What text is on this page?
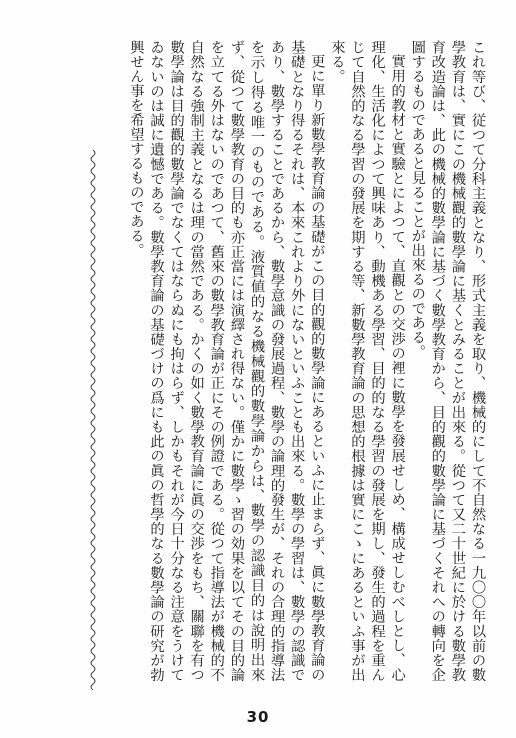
これ等び、従つて分科主義となり、形式主義を取り、機械的にして不自然なる一九〇〇年以前の數學教育は、實にこの機械觀的數學論に基くとみることが出來る。從つて又二十世紀に於ける數學教育改造論は、此の機械的數學論に基づく數學教育から、目的觀的數學論に基づくそれへの轉向を企圖するものであると見ることが出來るのである。

實用的教材と實驗とによつて、直觀との交渉の裡に數學を發展せしめ、構成せしむべしとし、心理化、生活化によつて興味あり、動機ある學習、目的的なる學習の發展を期し、發生的過程を重んじて自然的なる學習の發展を期する等、新數學教育論の思想的根據は實にこゝにあるといふ事が出來る。

更に單り新數學教育論の基礎がこの目的觀的數學論にあるといふに止まらず、眞に數學教育論の基礎となり得るそれは、本來これより外にないといふことも出來る。數學の學習は、數學の認識であり、數學することであるから、數學意識の發展過程、數學の論理的發生が、それの合理的指導法を示し得る唯一のものである。液質値的なる機械觀的數學論からは、數學の認識目的は說明出來ず、從つて數學教育の目的も亦正當には演繹され得ない。僅かに數學ゝ習の効果を以てその目的論を立てる外はないのであつて、舊來の數學教育論が正にその例證である。從つて指導法が機械的不自然なる強制主義となるは理の當然である。かくの如く數學教育論に眞の交渉をもち、關聯を有つ數學論は目的觀的數學論でなくてはならぬにも拘はらず、しかもそれが今日十分なる注意をうけてゐないのは誠に遺憾である。數學教育論の基礎づけの爲にも此の眞の哲學的なる數學論の研究が勃興せん事を希望するものである。

30
